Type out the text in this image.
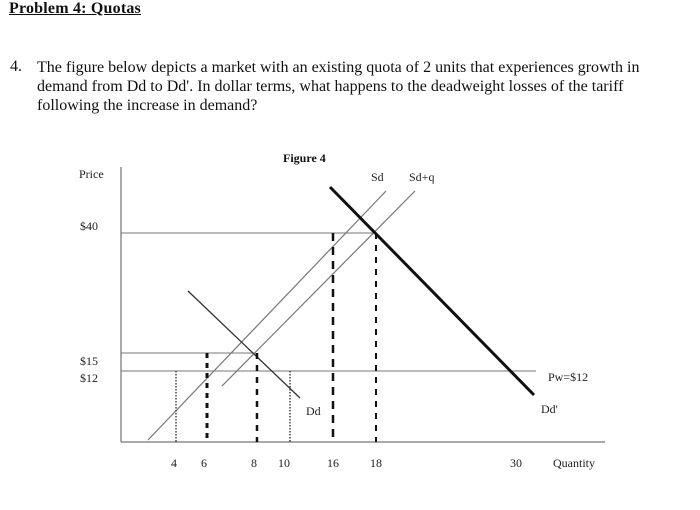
Problem 4: Quotas
4. The figure below depicts a market with an existing quota of 2 units that experiences growth in
demand from Dd to Dd'. In dollar terms, what happens to the deadweight losses of the tariff
following the increase in demand?
Figure 4
Price
Quantity
$40
$15
$12
4 6	8 10	16	18	30
Sd Sd+q
Dd	Dd'
Pw=$12
